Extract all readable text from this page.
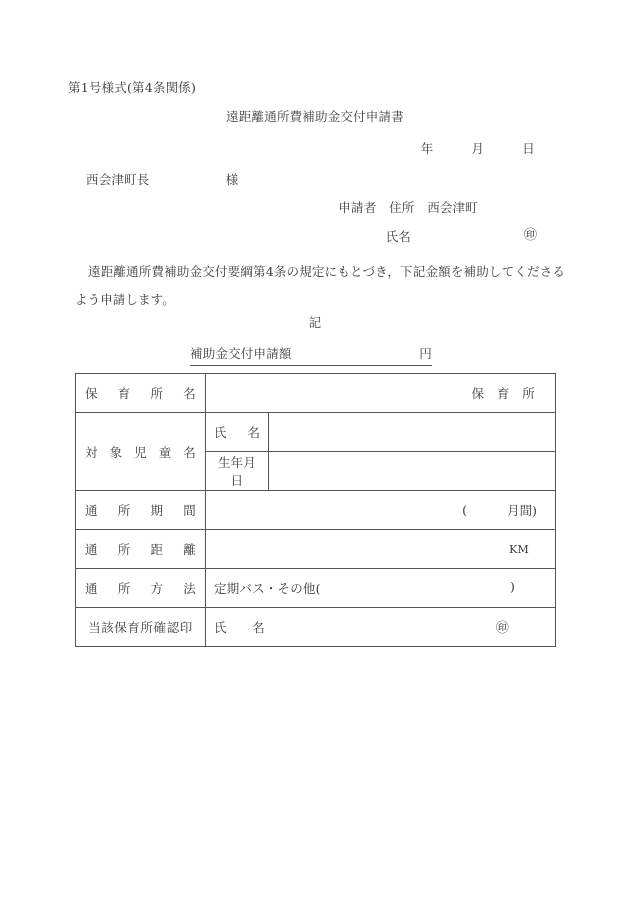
第1号様式(第4条関係)
遠距離通所費補助金交付申請書
年　　　月　　　日
西会津町長　　　　　　様
申請者　住所　西会津町
氏名	㊞
遠距離通所費補助金交付要綱第4条の規定にもとづき，下記金額を補助してくださるよう申請します。
記
補助金交付申請額	円
保育所名	保　育　所	

対象児童名	氏名	

	生年月日	

通所期間	( 月間)	

通所距離	KM	

通所方法	定期バス・その他( )	

当該保育所確認印	氏　　名 ㊞	
